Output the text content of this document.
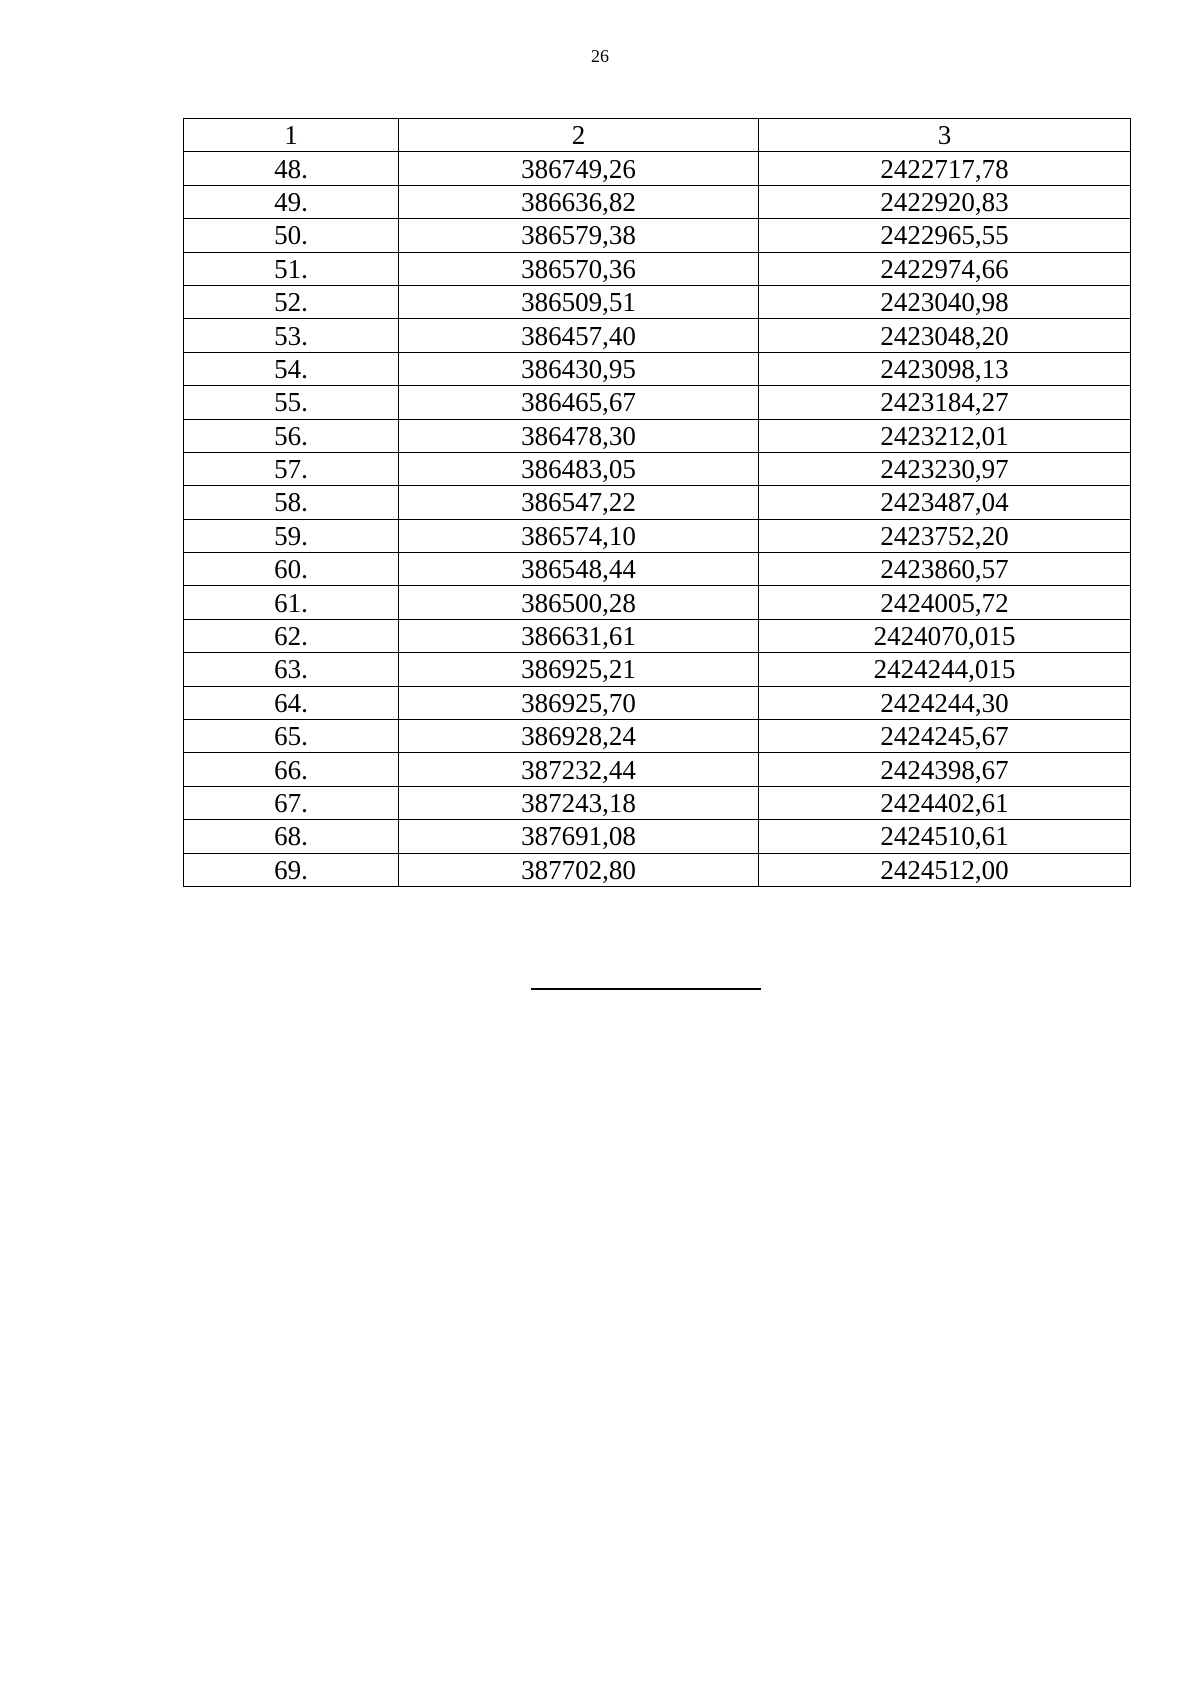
26
1	2	3
48.	386749,26	2422717,78
49.	386636,82	2422920,83
50.	386579,38	2422965,55
51.	386570,36	2422974,66
52.	386509,51	2423040,98
53.	386457,40	2423048,20
54.	386430,95	2423098,13
55.	386465,67	2423184,27
56.	386478,30	2423212,01
57.	386483,05	2423230,97
58.	386547,22	2423487,04
59.	386574,10	2423752,20
60.	386548,44	2423860,57
61.	386500,28	2424005,72
62.	386631,61	2424070,015
63.	386925,21	2424244,015
64.	386925,70	2424244,30
65.	386928,24	2424245,67
66.	387232,44	2424398,67
67.	387243,18	2424402,61
68.	387691,08	2424510,61
69.	387702,80	2424512,00
